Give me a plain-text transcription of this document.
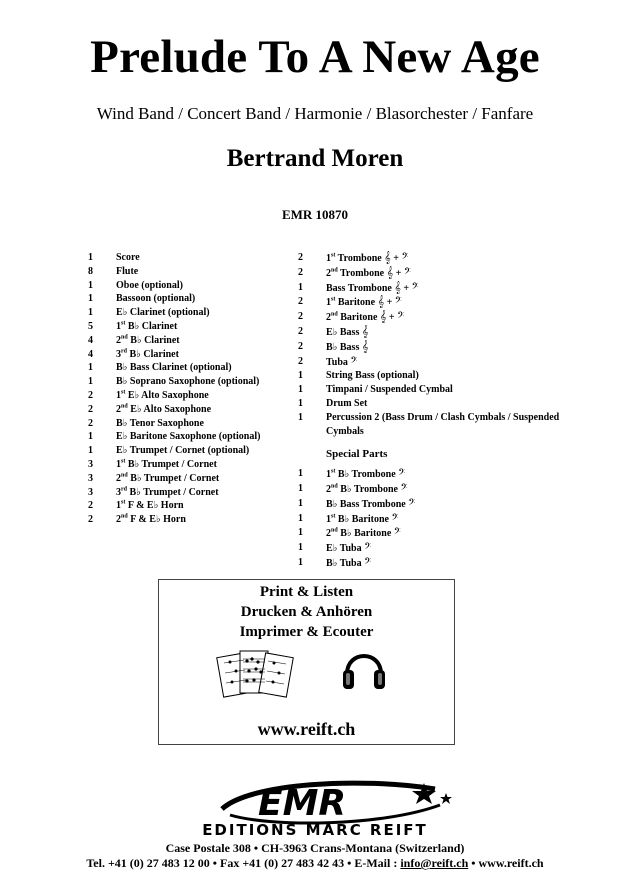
Prelude To A New Age
Wind Band / Concert Band / Harmonie / Blasorchester / Fanfare
Bertrand Moren
EMR 10870
1	Score
8	Flute
1	Oboe (optional)
1	Bassoon (optional)
1	E♭ Clarinet (optional)
5	1st B♭ Clarinet
4	2nd B♭ Clarinet
4	3rd B♭ Clarinet
1	B♭ Bass Clarinet (optional)
1	B♭ Soprano Saxophone (optional)
2	1st E♭ Alto Saxophone
2	2nd E♭ Alto Saxophone
2	B♭ Tenor Saxophone
1	E♭ Baritone Saxophone (optional)
1	E♭ Trumpet / Cornet (optional)
3	1st B♭ Trumpet / Cornet
3	2nd B♭ Trumpet / Cornet
3	3rd B♭ Trumpet / Cornet
2	1st F & E♭ Horn
2	2nd F & E♭ Horn
2	1st Trombone 𝄞 + 𝄢
2	2nd Trombone 𝄞 + 𝄢
1	Bass Trombone 𝄞 + 𝄢
2	1st Baritone 𝄞 + 𝄢
2	2nd Baritone 𝄞 + 𝄢
2	E♭ Bass 𝄞
2	B♭ Bass 𝄞
2	Tuba 𝄢
1	String Bass (optional)
1	Timpani / Suspended Cymbal
1	Drum Set
1	Percussion 2 (Bass Drum / Clash Cymbals / Suspended Cymbals
Special Parts
1	1st B♭ Trombone 𝄢
1	2nd B♭ Trombone 𝄢
1	B♭ Bass Trombone 𝄢
1	1st B♭ Baritone 𝄢
1	2nd B♭ Baritone 𝄢
1	E♭ Tuba 𝄢
1	B♭ Tuba 𝄢
Print & Listen
Drucken & Anhören
Imprimer & Ecouter
www.reift.ch
EMR
EDITIONS MARC REIFT
Case Postale 308 • CH-3963 Crans-Montana (Switzerland)
Tel. +41 (0) 27 483 12 00 • Fax +41 (0) 27 483 42 43 • E-Mail : info@reift.ch • www.reift.ch
